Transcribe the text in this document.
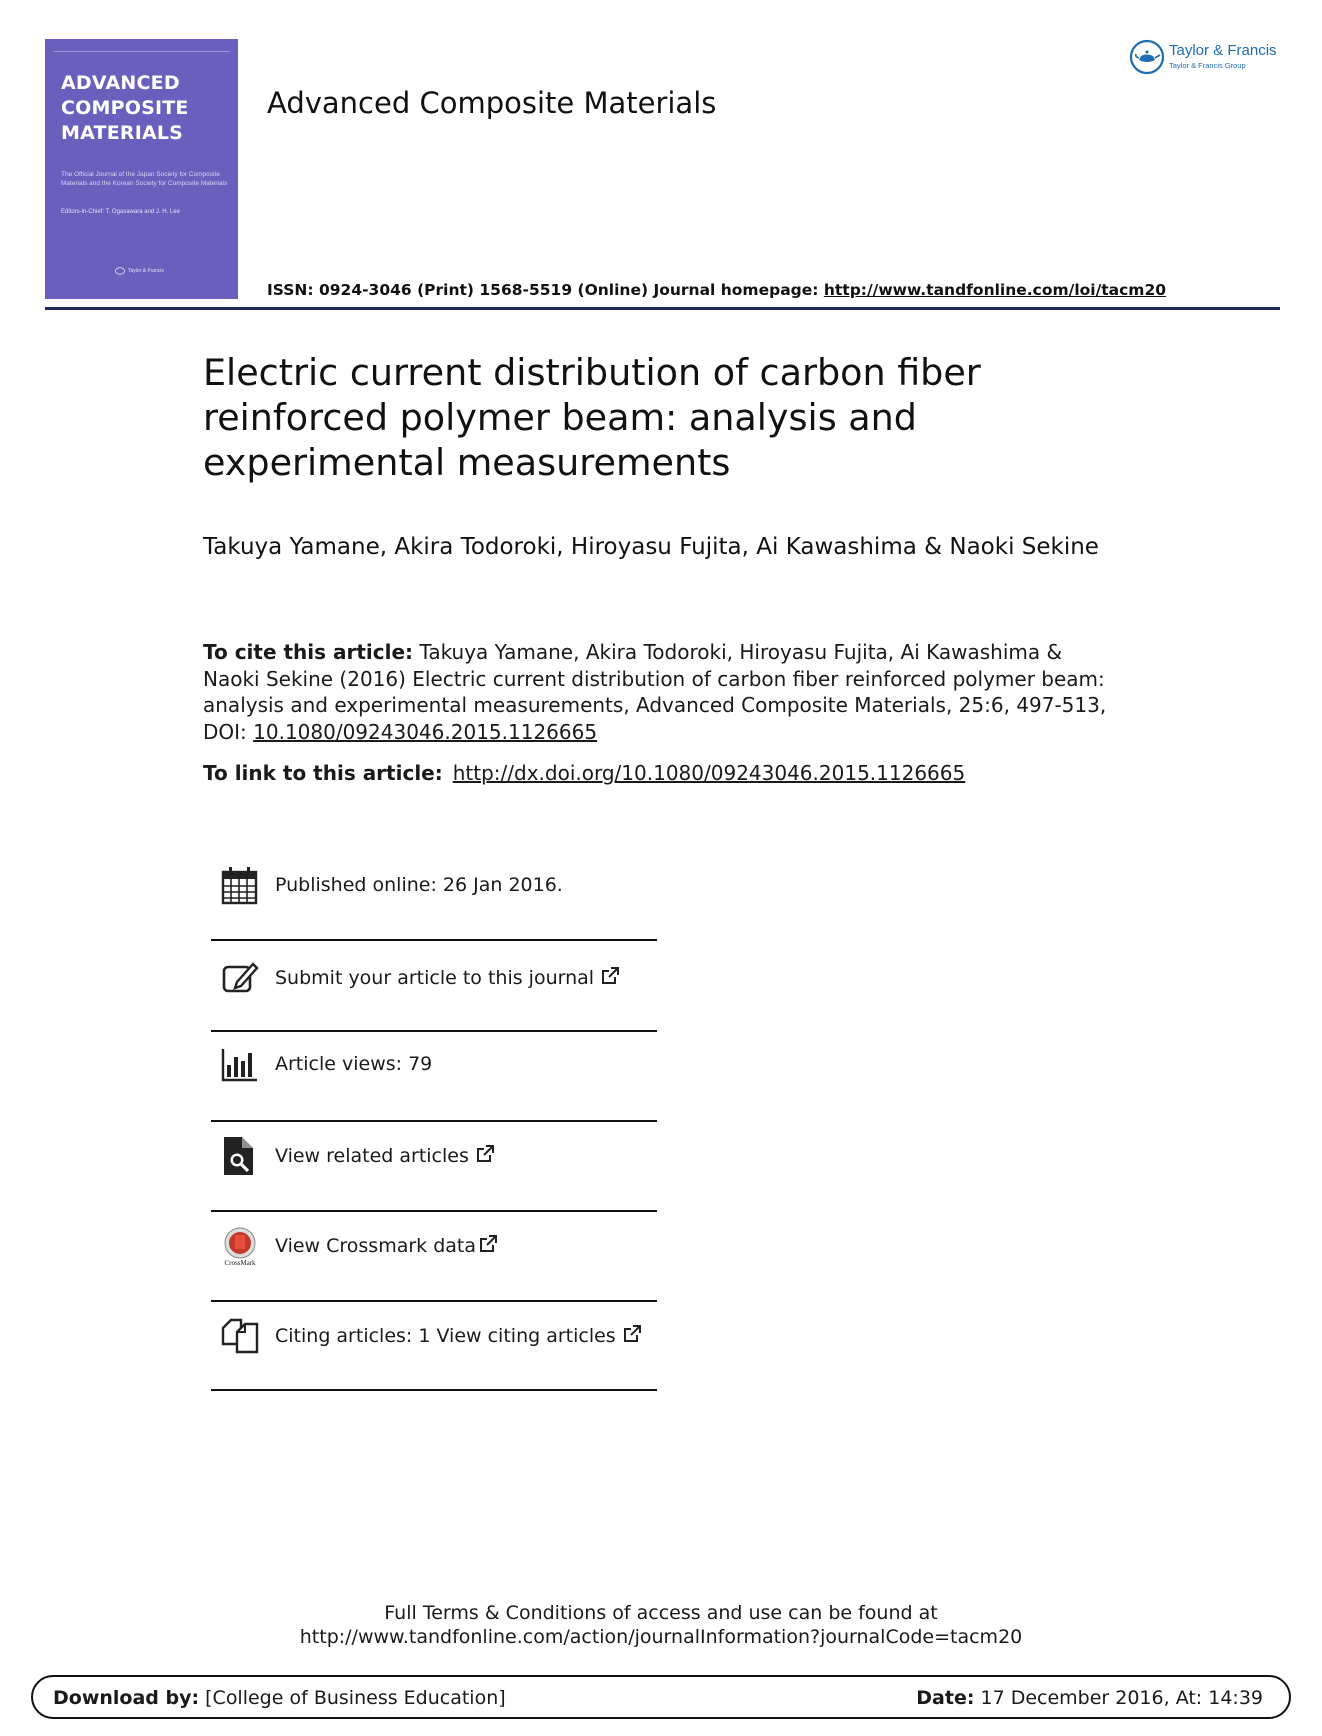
ADVANCED
COMPOSITE
MATERIALS
The Official Journal of the Japan Society for Composite Materials and the Korean Society for Composite Materials
Editors-in-Chief: T. Ogasawara and J. H. Lee
Taylor & Francis
Advanced Composite Materials
ISSN: 0924-3046 (Print) 1568-5519 (Online) Journal homepage: http://www.tandfonline.com/loi/tacm20
Taylor & Francis
Taylor & Francis Group
Electric current distribution of carbon fiber reinforced polymer beam: analysis and experimental measurements
Takuya Yamane, Akira Todoroki, Hiroyasu Fujita, Ai Kawashima & Naoki Sekine
To cite this article: Takuya Yamane, Akira Todoroki, Hiroyasu Fujita, Ai Kawashima & Naoki Sekine (2016) Electric current distribution of carbon fiber reinforced polymer beam: analysis and experimental measurements, Advanced Composite Materials, 25:6, 497-513, DOI: 10.1080/09243046.2015.1126665
To link to this article: http://dx.doi.org/10.1080/09243046.2015.1126665
Published online: 26 Jan 2016.
Submit your article to this journal
Article views: 79
View related articles
CrossMark
View Crossmark data
Citing articles: 1 View citing articles
Full Terms & Conditions of access and use can be found at
http://www.tandfonline.com/action/journalInformation?journalCode=tacm20
Download by: [College of Business Education]	Date: 17 December 2016, At: 14:39
